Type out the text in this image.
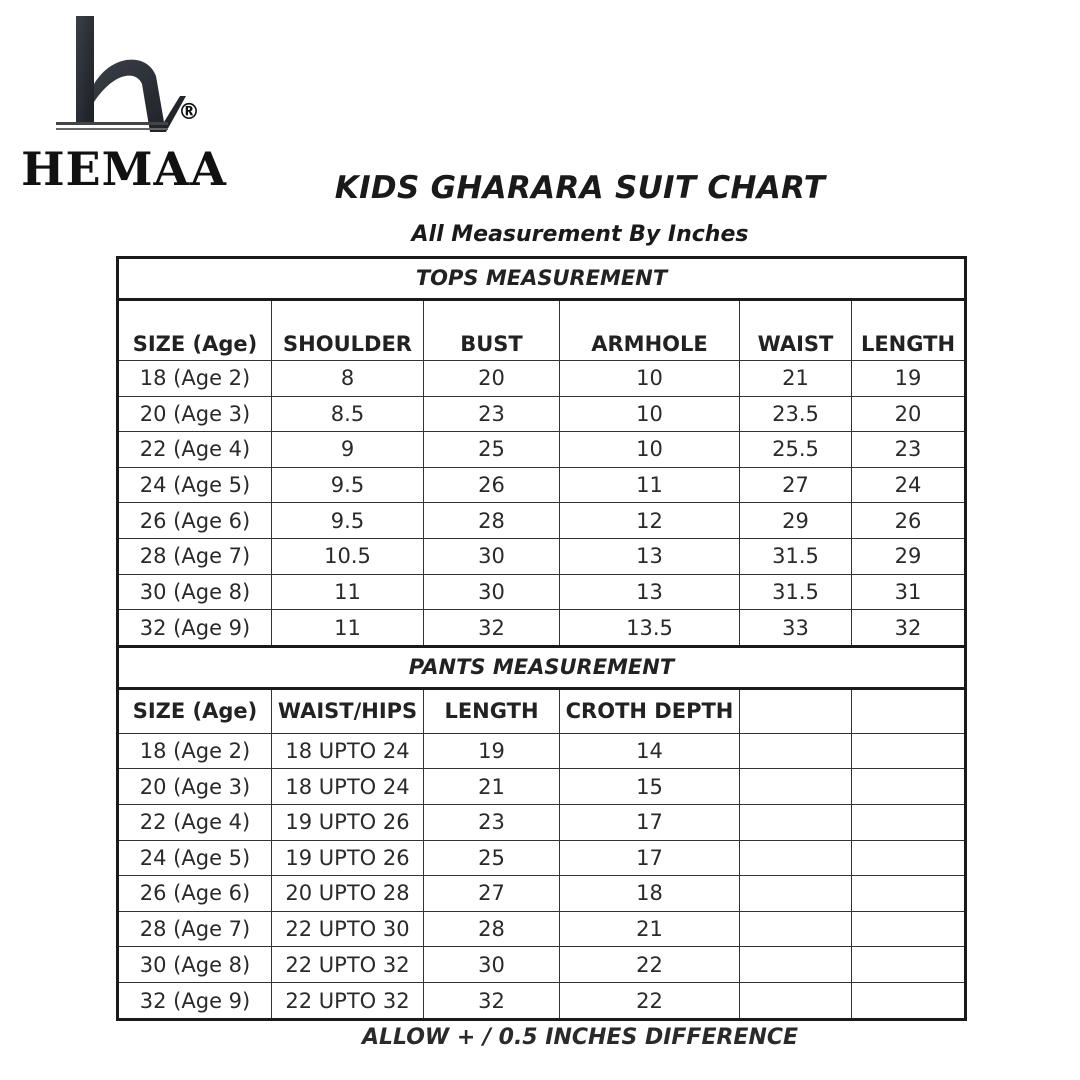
®
HEMAA	KIDS GHARARA SUIT CHART
All Measurement By Inches
TOPS MEASUREMENT					
SIZE (Age)	SHOULDER	BUST	ARMHOLE	WAIST	LENGTH
18 (Age 2)	8	20	10	21	19
20 (Age 3)	8.5	23	10	23.5	20
22 (Age 4)	9	25	10	25.5	23
24 (Age 5)	9.5	26	11	27	24
26 (Age 6)	9.5	28	12	29	26
28 (Age 7)	10.5	30	13	31.5	29
30 (Age 8)	11	30	13	31.5	31
32 (Age 9)	11	32	13.5	33	32
PANTS MEASUREMENT					
SIZE (Age)	WAIST/HIPS	LENGTH	CROTH DEPTH		
18 (Age 2)	18 UPTO 24	19	14		
20 (Age 3)	18 UPTO 24	21	15		
22 (Age 4)	19 UPTO 26	23	17		
24 (Age 5)	19 UPTO 26	25	17		
26 (Age 6)	20 UPTO 28	27	18		
28 (Age 7)	22 UPTO 30	28	21		
30 (Age 8)	22 UPTO 32	30	22		
32 (Age 9)	22 UPTO 32	32	22		
ALLOW + / 0.5 INCHES DIFFERENCE
